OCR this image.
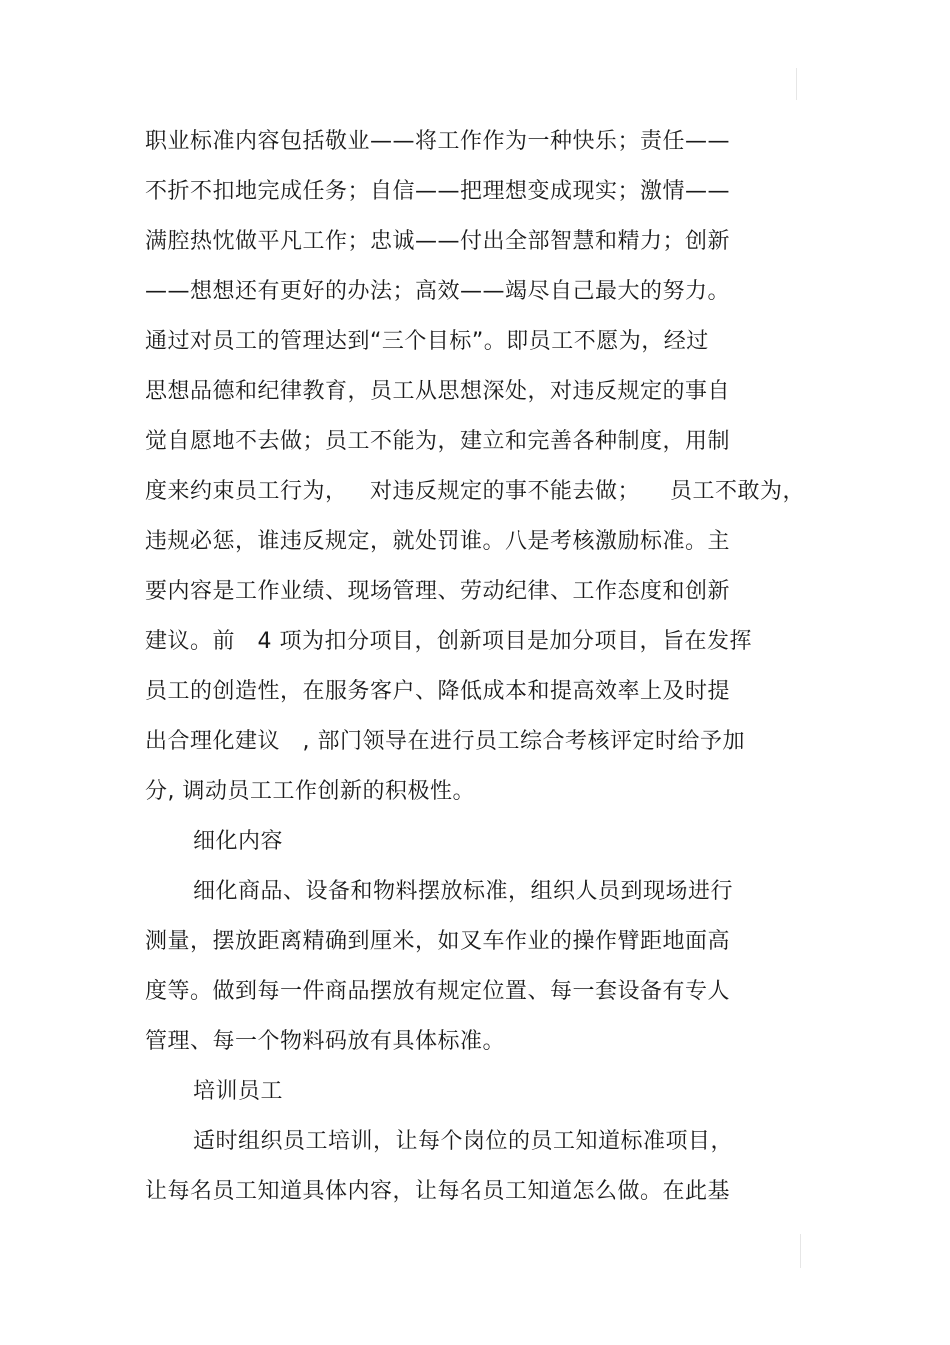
职业标准内容包括敬业——将工作作为一种快乐；责任——
不折不扣地完成任务；自信——把理想变成现实；激情——
满腔热忱做平凡工作；忠诚——付出全部智慧和精力；创新
——想想还有更好的办法；高效——竭尽自己最大的努力。
通过对员工的管理达到“三个目标”。即员工不愿为，经过
思想品德和纪律教育，员工从思想深处，对违反规定的事自
觉自愿地不去做；员工不能为，建立和完善各种制度，用制
度来约束员工行为，   对违反规定的事不能去做；    员工不敢为，
违规必惩，谁违反规定，就处罚谁。八是考核激励标准。主
要内容是工作业绩、现场管理、劳动纪律、工作态度和创新
建议。前   4 项为扣分项目，创新项目是加分项目，旨在发挥
员工的创造性，在服务客户、降低成本和提高效率上及时提
出合理化建议   , 部门领导在进行员工综合考核评定时给予加
分, 调动员工工作创新的积极性。
细化内容
细化商品、设备和物料摆放标准，组织人员到现场进行
测量，摆放距离精确到厘米，如叉车作业的操作臂距地面高
度等。做到每一件商品摆放有规定位置、每一套设备有专人
管理、每一个物料码放有具体标准。
培训员工
适时组织员工培训，让每个岗位的员工知道标准项目，
让每名员工知道具体内容，让每名员工知道怎么做。在此基
